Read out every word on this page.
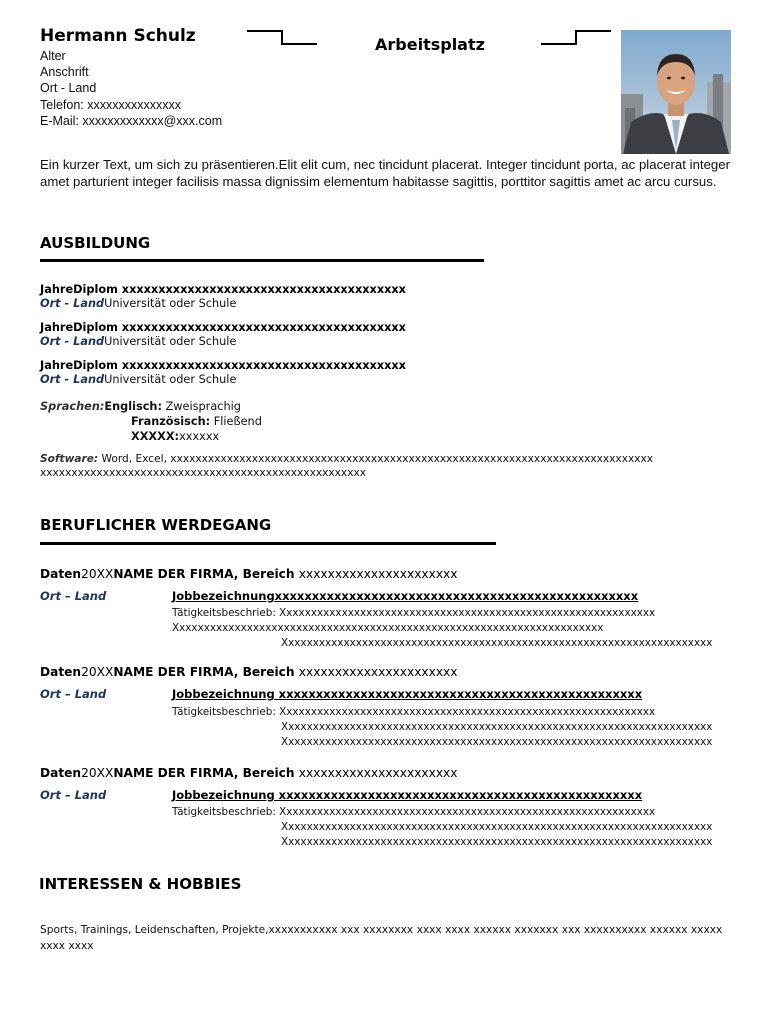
Hermann Schulz
Alter
Anschrift
Ort - Land
Telefon: xxxxxxxxxxxxxxx
E-Mail: xxxxxxxxxxxxx@xxx.com
Arbeitsplatz
Ein kurzer Text, um sich zu präsentieren.Elit elit cum, nec tincidunt placerat. Integer tincidunt porta, ac placerat integer amet parturient integer facilisis massa dignissim elementum habitasse sagittis, porttitor sagittis amet ac arcu cursus.
AUSBILDUNG
JahreDiplom xxxxxxxxxxxxxxxxxxxxxxxxxxxxxxxxxxxxxxx
Ort - LandUniversität oder Schule
JahreDiplom xxxxxxxxxxxxxxxxxxxxxxxxxxxxxxxxxxxxxxx
Ort - LandUniversität oder Schule
JahreDiplom xxxxxxxxxxxxxxxxxxxxxxxxxxxxxxxxxxxxxxx
Ort - LandUniversität oder Schule
Sprachen:Englisch: Zweisprachig
Französisch: Fließend
XXXXX:xxxxxx
Software: Word, Excel, xxxxxxxxxxxxxxxxxxxxxxxxxxxxxxxxxxxxxxxxxxxxxxxxxxxxxxxxxxxxxxxxxxxxxxxxxxxxx
xxxxxxxxxxxxxxxxxxxxxxxxxxxxxxxxxxxxxxxxxxxxxxxxxxxx
BERUFLICHER WERDEGANG
Daten20XXNAME DER FIRMA, Bereich xxxxxxxxxxxxxxxxxxxxxx
Ort – Land	Jobbezeichnungxxxxxxxxxxxxxxxxxxxxxxxxxxxxxxxxxxxxxxxxxxxxxxxxx
Tätigkeitsbeschrieb: Xxxxxxxxxxxxxxxxxxxxxxxxxxxxxxxxxxxxxxxxxxxxxxxxxxxxxxxxxxxxx
Xxxxxxxxxxxxxxxxxxxxxxxxxxxxxxxxxxxxxxxxxxxxxxxxxxxxxxxxxxxxxxxxxxxxxx
Xxxxxxxxxxxxxxxxxxxxxxxxxxxxxxxxxxxxxxxxxxxxxxxxxxxxxxxxxxxxxxxxxxxxxx
Daten20XXNAME DER FIRMA, Bereich xxxxxxxxxxxxxxxxxxxxxx
Ort – Land	Jobbezeichnung xxxxxxxxxxxxxxxxxxxxxxxxxxxxxxxxxxxxxxxxxxxxxxxxx
Tätigkeitsbeschrieb: Xxxxxxxxxxxxxxxxxxxxxxxxxxxxxxxxxxxxxxxxxxxxxxxxxxxxxxxxxxxxx
Xxxxxxxxxxxxxxxxxxxxxxxxxxxxxxxxxxxxxxxxxxxxxxxxxxxxxxxxxxxxxxxxxxxxxx
Xxxxxxxxxxxxxxxxxxxxxxxxxxxxxxxxxxxxxxxxxxxxxxxxxxxxxxxxxxxxxxxxxxxxxx
Daten20XXNAME DER FIRMA, Bereich xxxxxxxxxxxxxxxxxxxxxx
Ort – Land	Jobbezeichnung xxxxxxxxxxxxxxxxxxxxxxxxxxxxxxxxxxxxxxxxxxxxxxxxx
Tätigkeitsbeschrieb: Xxxxxxxxxxxxxxxxxxxxxxxxxxxxxxxxxxxxxxxxxxxxxxxxxxxxxxxxxxxxx
Xxxxxxxxxxxxxxxxxxxxxxxxxxxxxxxxxxxxxxxxxxxxxxxxxxxxxxxxxxxxxxxxxxxxxx
Xxxxxxxxxxxxxxxxxxxxxxxxxxxxxxxxxxxxxxxxxxxxxxxxxxxxxxxxxxxxxxxxxxxxxx
INTERESSEN & HOBBIES
Sports, Trainings, Leidenschaften, Projekte,xxxxxxxxxxx xxx xxxxxxxx xxxx xxxx xxxxxx xxxxxxx xxx xxxxxxxxxx xxxxxx xxxxx xxxx xxxx
